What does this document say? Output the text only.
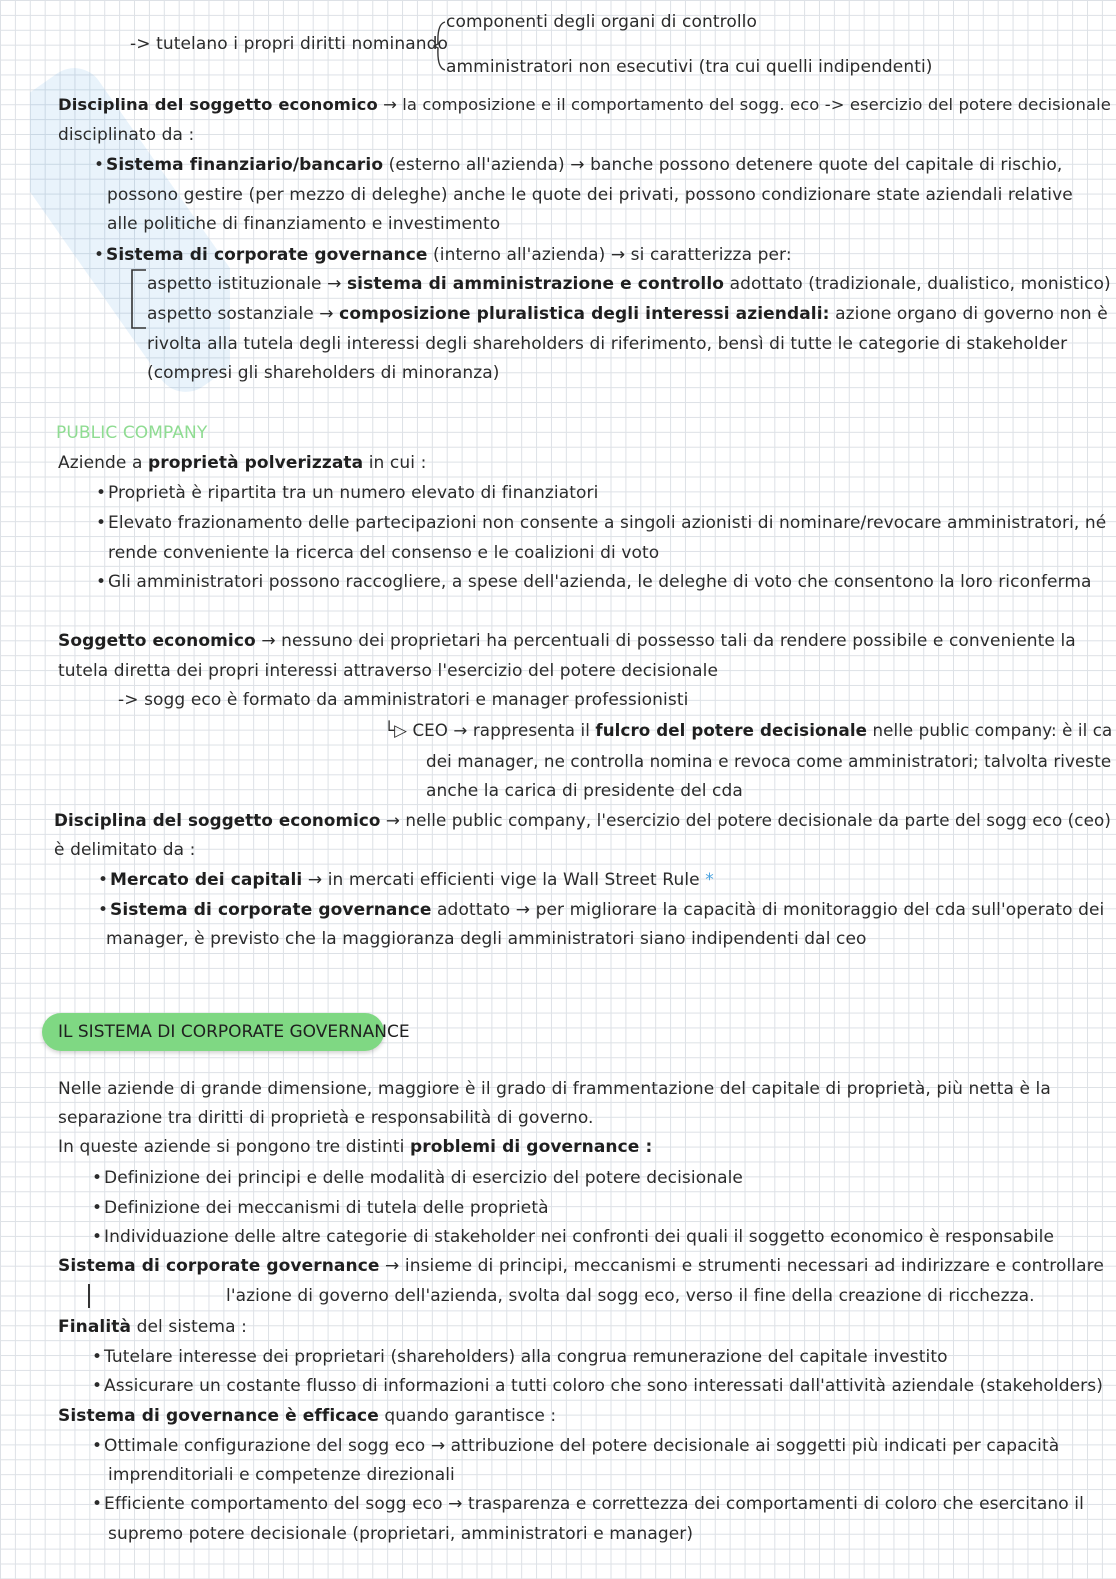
componenti degli organi di controllo
-> tutelano i propri diritti nominando
amministratori non esecutivi (tra cui quelli indipendenti)
Disciplina del soggetto economico → la composizione e il comportamento del sogg. eco -> esercizio del potere decisionale
disciplinato da :
• Sistema finanziario/bancario (esterno all'azienda) → banche possono detenere quote del capitale di rischio,
possono gestire (per mezzo di deleghe) anche le quote dei privati, possono condizionare state aziendali relative
alle politiche di finanziamento e investimento
• Sistema di corporate governance (interno all'azienda) → si caratterizza per:
aspetto istituzionale → sistema di amministrazione e controllo adottato (tradizionale, dualistico, monistico)
aspetto sostanziale → composizione pluralistica degli interessi aziendali: azione organo di governo non è
rivolta alla tutela degli interessi degli shareholders di riferimento, bensì di tutte le categorie di stakeholder
(compresi gli shareholders di minoranza)
PUBLIC COMPANY
Aziende a proprietà polverizzata in cui :
• Proprietà è ripartita tra un numero elevato di finanziatori
• Elevato frazionamento delle partecipazioni non consente a singoli azionisti di nominare/revocare amministratori, né
rende conveniente la ricerca del consenso e le coalizioni di voto
• Gli amministratori possono raccogliere, a spese dell'azienda, le deleghe di voto che consentono la loro riconferma
Soggetto economico → nessuno dei proprietari ha percentuali di possesso tali da rendere possibile e conveniente la
tutela diretta dei propri interessi attraverso l'esercizio del potere decisionale
-> sogg eco è formato da amministratori e manager professionisti
└▷ CEO → rappresenta il fulcro del potere decisionale nelle public company: è il ca
dei manager, ne controlla nomina e revoca come amministratori; talvolta riveste
anche la carica di presidente del cda
Disciplina del soggetto economico → nelle public company, l'esercizio del potere decisionale da parte del sogg eco (ceo)
è delimitato da :
• Mercato dei capitali → in mercati efficienti vige la Wall Street Rule *
• Sistema di corporate governance adottato → per migliorare la capacità di monitoraggio del cda sull'operato dei
manager, è previsto che la maggioranza degli amministratori siano indipendenti dal ceo
IL SISTEMA DI CORPORATE GOVERNANCE
Nelle aziende di grande dimensione, maggiore è il grado di frammentazione del capitale di proprietà, più netta è la
separazione tra diritti di proprietà e responsabilità di governo.
In queste aziende si pongono tre distinti problemi di governance :
• Definizione dei principi e delle modalità di esercizio del potere decisionale
• Definizione dei meccanismi di tutela delle proprietà
• Individuazione delle altre categorie di stakeholder nei confronti dei quali il soggetto economico è responsabile
Sistema di corporate governance → insieme di principi, meccanismi e strumenti necessari ad indirizzare e controllare
l'azione di governo dell'azienda, svolta dal sogg eco, verso il fine della creazione di ricchezza.
Finalità del sistema :
• Tutelare interesse dei proprietari (shareholders) alla congrua remunerazione del capitale investito
• Assicurare un costante flusso di informazioni a tutti coloro che sono interessati dall'attività aziendale (stakeholders)
Sistema di governance è efficace quando garantisce :
• Ottimale configurazione del sogg eco → attribuzione del potere decisionale ai soggetti più indicati per capacità
imprenditoriali e competenze direzionali
• Efficiente comportamento del sogg eco → trasparenza e correttezza dei comportamenti di coloro che esercitano il
supremo potere decisionale (proprietari, amministratori e manager)
